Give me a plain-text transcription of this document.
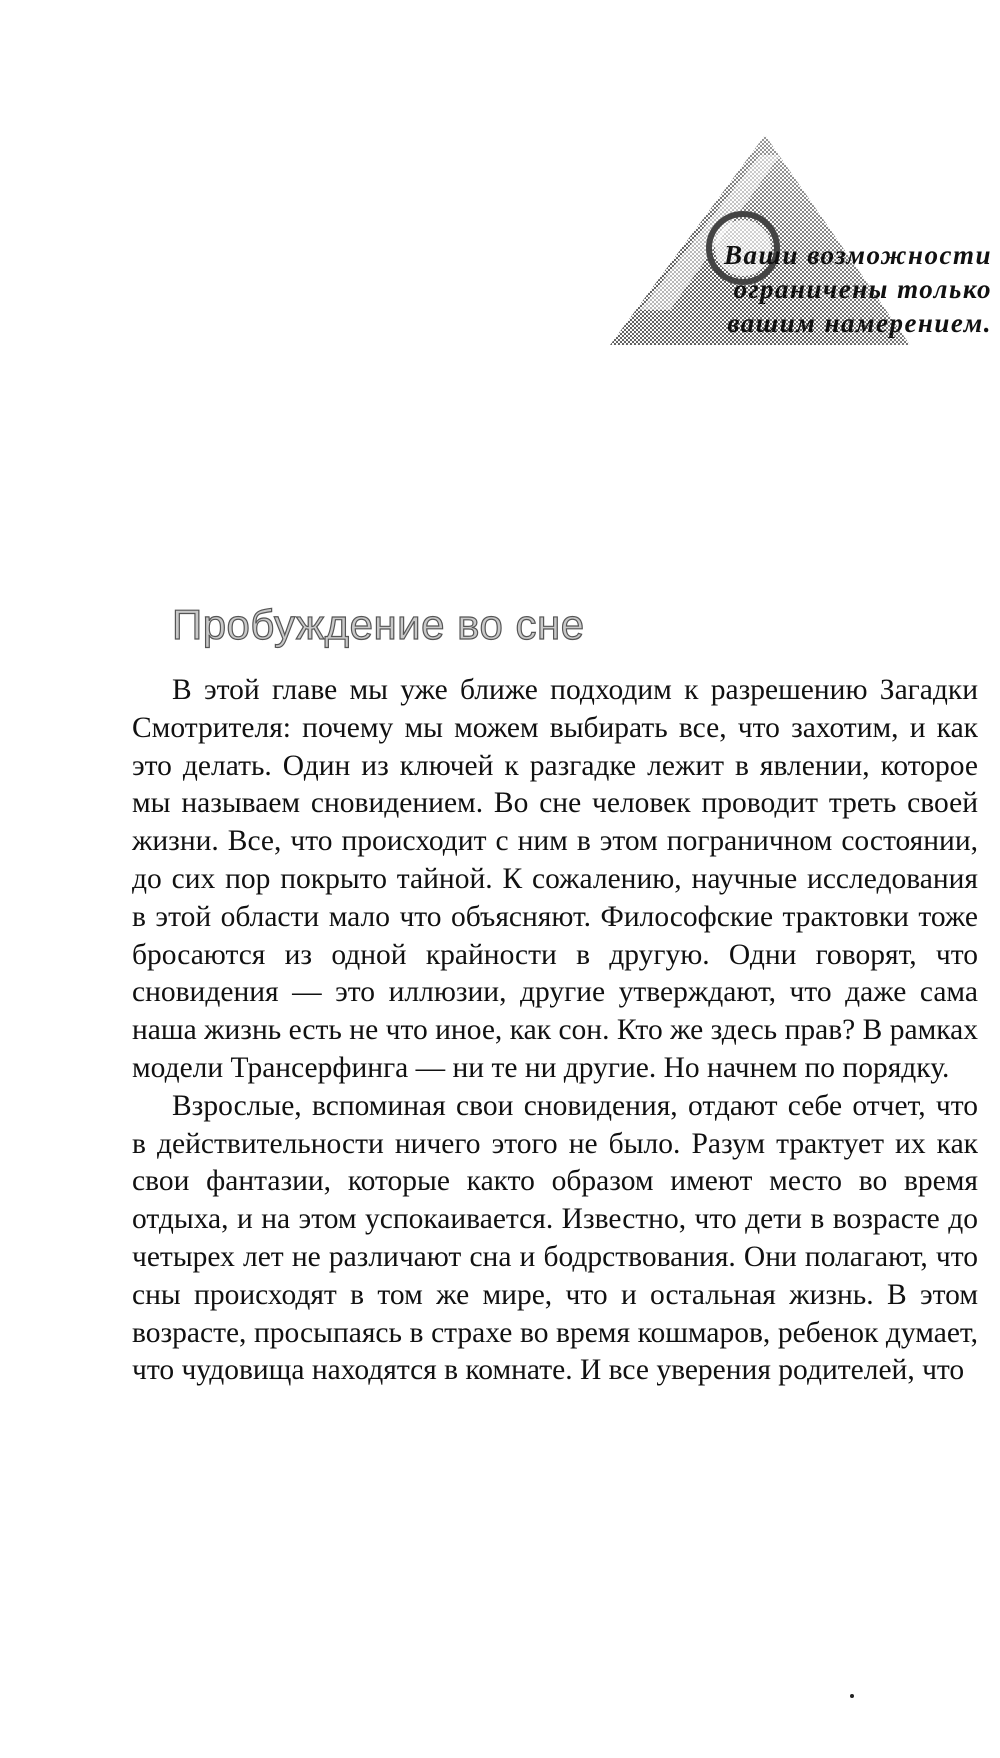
Ваши возможности
ограничены только
вашим намерением.
Пробуждение во сне

В этой главе мы уже ближе подходим к разрешению Загадки Смотрителя: почему мы можем выбирать все, что захотим, и как это делать. Один из ключей к разгадке лежит в явлении, которое мы называем сновидением. Во сне человек проводит треть своей жизни. Все, что происходит с ним в этом пограничном состоянии, до сих пор покрыто тайной. К сожалению, научные исследования в этой области мало что объясняют. Философские трактовки тоже бросаются из одной крайности в другую. Одни говорят, что сновидения — это иллюзии, другие утверждают, что даже сама наша жизнь есть не что иное, как сон. Кто же здесь прав? В рамках модели Трансерфинга — ни те ни другие. Но начнем по порядку.

Взрослые, вспоминая свои сновидения, отдают себе отчет, что в действительности ничего этого не было. Разум трактует их как свои фантазии, которые както образом имеют место во время отдыха, и на этом успокаивается. Известно, что дети в возрасте до четырех лет не различают сна и бодрствования. Они полагают, что сны происходят в том же мире, что и остальная жизнь. В этом возрасте, просыпаясь в страхе во время кошмаров, ребенок думает, что чудовища находятся в комнате. И все уверения родителей, что
